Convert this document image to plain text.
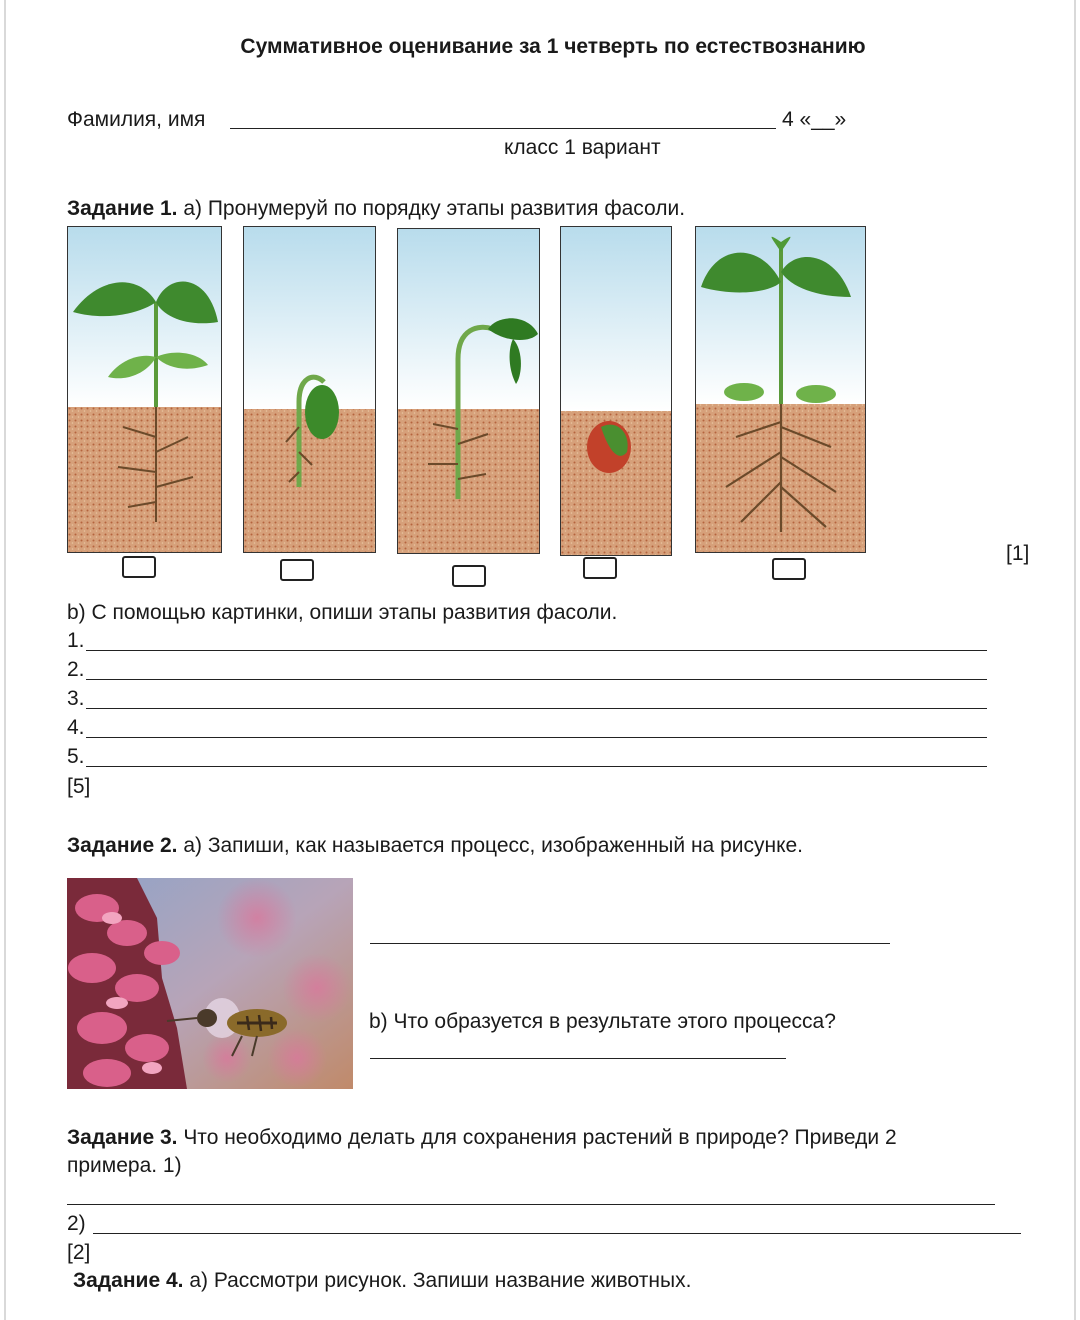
Суммативное оценивание за 1 четверть по естествознанию
Фамилия, имя	4 «__»
класс 1 вариант
Задание 1. а) Пронумеруй по порядку этапы развития фасоли.
[1]
b) С помощью картинки, опиши этапы развития фасоли.
1.
2.
3.
4.
5.
[5]
Задание 2. а) Запиши, как называется процесс, изображенный на рисунке.
b) Что образуется в результате этого процесса?
Задание 3. Что необходимо делать для сохранения растений в природе? Приведи 2
примера. 1)
2)
[2]
Задание 4. а) Рассмотри рисунок. Запиши название животных.
